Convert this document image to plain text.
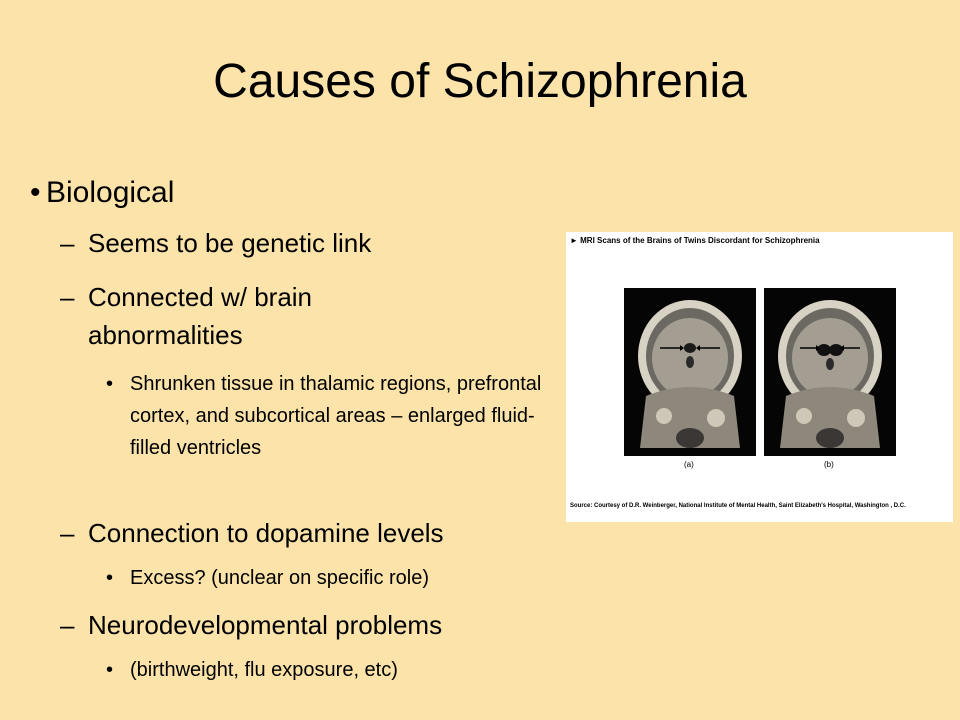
Causes of Schizophrenia
• Biological
– Seems to be genetic link
– Connected w/ brain abnormalities
• Shrunken tissue in thalamic regions, prefrontal cortex, and subcortical areas – enlarged fluid-filled ventricles
– Connection to dopamine levels
• Excess? (unclear on specific role)
– Neurodevelopmental problems
• (birthweight, flu exposure, etc)
► MRI Scans of the Brains of Twins Discordant for Schizophrenia
(a)	(b)
Source: Courtesy of D.R. Weinberger, National Institute of Mental Health, Saint Elizabeth's Hospital, Washington , D.C.
